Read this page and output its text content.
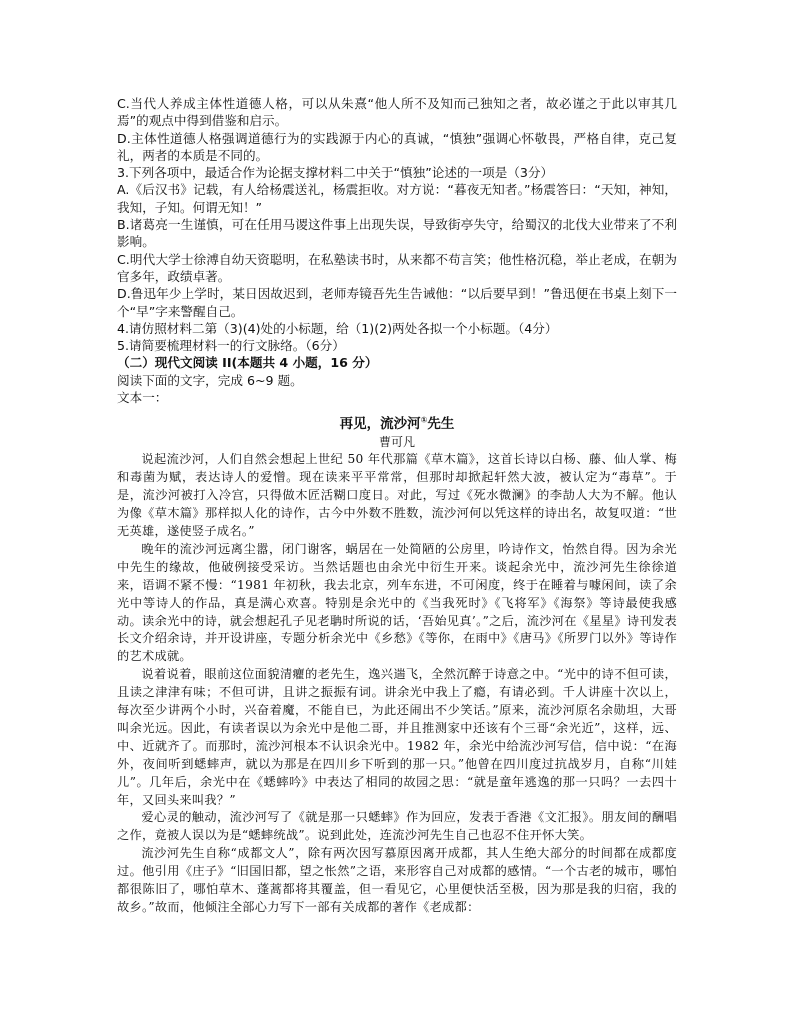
C.当代人养成主体性道德人格，可以从朱熹“他人所不及知而己独知之者，故必谨之于此以审其几焉”的观点中得到借鉴和启示。

D.主体性道德人格强调道德行为的实践源于内心的真诚，“慎独”强调心怀敬畏，严格自律，克己复礼，两者的本质是不同的。

3.下列各项中，最适合作为论据支撑材料二中关于“慎独”论述的一项是（3分）

A.《后汉书》记载，有人给杨震送礼，杨震拒收。对方说：“暮夜无知者。”杨震答曰：“天知，神知，我知，子知。何谓无知！”

B.诸葛亮一生谨慎，可在任用马谡这件事上出现失误，导致街亭失守，给蜀汉的北伐大业带来了不利影响。

C.明代大学士徐溥自幼天资聪明，在私塾读书时，从来都不苟言笑；他性格沉稳，举止老成，在朝为官多年，政绩卓著。

D.鲁迅年少上学时，某日因故迟到，老师寿镜吾先生告诫他：“以后要早到！”鲁迅便在书桌上刻下一个“早”字来警醒自己。

4.请仿照材料二第（3)(4)处的小标题，给（1)(2)两处各拟一个小标题。（4分）

5.请简要梳理材料一的行文脉络。（6分）

（二）现代文阅读 II(本题共 4 小题，16 分）

阅读下面的文字，完成 6~9 题。

文本一：

再见，流沙河①先生

曹可凡

说起流沙河，人们自然会想起上世纪 50 年代那篇《草木篇》，这首长诗以白杨、藤、仙人掌、梅和毒菌为赋，表达诗人的爱憎。现在读来平平常常，但那时却掀起轩然大波，被认定为“毒草”。于是，流沙河被打入冷宫，只得做木匠活糊口度日。对此，写过《死水微澜》的李劼人大为不解。他认为像《草木篇》那样拟人化的诗作，古今中外数不胜数，流沙河何以凭这样的诗出名，故复叹道：“世无英雄，遂使竖子成名。”

晚年的流沙河远离尘嚣，闭门谢客，蜗居在一处简陋的公房里，吟诗作文，怡然自得。因为余光中先生的缘故，他破例接受采访。当然话题也由余光中衍生开来。谈起余光中，流沙河先生徐徐道来，语调不紧不慢：“1981 年初秋，我去北京，列车东进，不可闲度，终于在睡着与噱闲间，读了余光中等诗人的作品，真是满心欢喜。特别是余光中的《当我死时》《飞将军》《海祭》等诗最使我感动。读余光中的诗，就会想起孔子见老聃时所说的话，‘吾始见真’。”之后，流沙河在《星星》诗刊发表长文介绍余诗，并开设讲座，专题分析余光中《乡愁》《等你，在雨中》《唐马》《所罗门以外》等诗作的艺术成就。

说着说着，眼前这位面貌清癯的老先生，逸兴遄飞，全然沉醉于诗意之中。“光中的诗不但可读，且读之津津有味；不但可讲，且讲之振振有词。讲余光中我上了瘾，有请必到。千人讲座十次以上，每次至少讲两个小时，兴奋着魔，不能自已，为此还闹出不少笑话。”原来，流沙河原名余勋坦，大哥叫余光远。因此，有读者误以为余光中是他二哥，并且推测家中还该有个三哥“余光近”，这样，远、中、近就齐了。而那时，流沙河根本不认识余光中。1982 年，余光中给流沙河写信，信中说：“在海外，夜间听到蟋蟀声，就以为那是在四川乡下听到的那一只。”他曾在四川度过抗战岁月，自称“川娃儿”。几年后，余光中在《蟋蟀吟》中表达了相同的故园之思：“就是童年逃逸的那一只吗？一去四十年，又回头来叫我？”

爱心灵的触动，流沙河写了《就是那一只蟋蟀》作为回应，发表于香港《文汇报》。朋友间的酬唱之作，竟被人误以为是“蟋蟀统战”。说到此处，连流沙河先生自己也忍不住开怀大笑。

流沙河先生自称“成都文人”，除有两次因写慕原因离开成都，其人生绝大部分的时间都在成都度过。他引用《庄子》“旧国旧都，望之怅然”之语，来形容自己对成都的感情。“一个古老的城市，哪怕都很陈旧了，哪怕草木、蓬蒿都将其覆盖，但一看见它，心里便快活至极，因为那是我的归宿，我的故乡。”故而，他倾注全部心力写下一部有关成都的著作《老成都：
